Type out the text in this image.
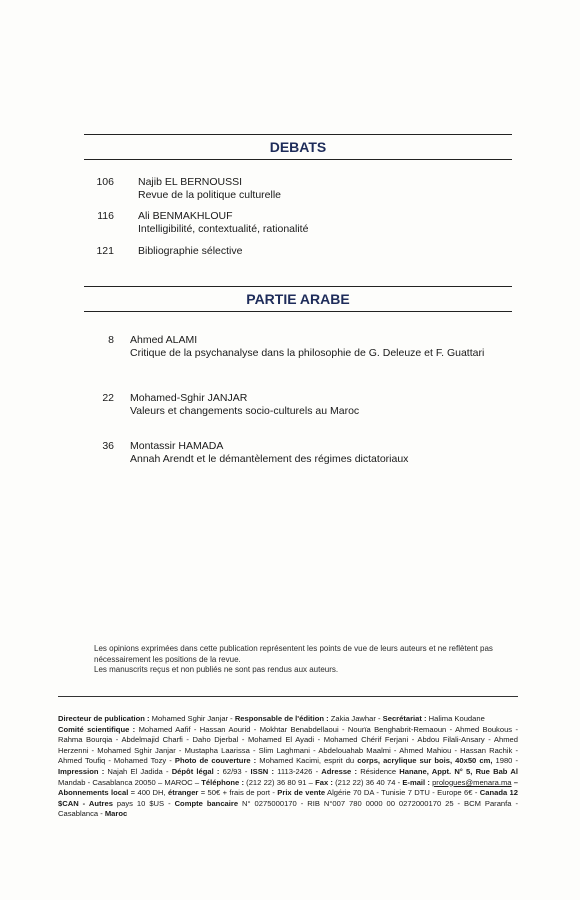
DEBATS
106 Najib EL BERNOUSSI
Revue de la politique culturelle
116 Ali BENMAKHLOUF
Intelligibilité, contextualité, rationalité
121 Bibliographie sélective
PARTIE ARABE
8 Ahmed ALAMI
Critique de la psychanalyse dans la philosophie de G. Deleuze et F. Guattari
22 Mohamed-Sghir JANJAR
Valeurs et changements socio-culturels au Maroc
36 Montassir HAMADA
Annah Arendt et le démantèlement des régimes dictatoriaux

Les opinions exprimées dans cette publication représentent les points de vue de leurs auteurs et ne reflètent pas nécessairement les positions de la revue.

Les manuscrits reçus et non publiés ne sont pas rendus aux auteurs.

Directeur de publication : Mohamed Sghir Janjar - Responsable de l'édition : Zakia Jawhar - Secrétariat : Halima Koudane
Comité scientifique : Mohamed Aafif - Hassan Aourid - Mokhtar Benabdellaoui - Nourïa Benghabrit-Remaoun - Ahmed Boukous - Rahma Bourqia - Abdelmajid Charfi - Daho Djerbal - Mohamed El Ayadi - Mohamed Chérif Ferjani - Abdou Filali-Ansary - Ahmed Herzenni - Mohamed Sghir Janjar - Mustapha Laarissa - Slim Laghmani - Abdelouahab Maalmi - Ahmed Mahiou - Hassan Rachik - Ahmed Toufiq - Mohamed Tozy - Photo de couverture : Mohamed Kacimi, esprit du corps, acrylique sur bois, 40x50 cm, 1980 - Impression : Najah El Jadida - Dépôt légal : 62/93 - ISSN : 1113-2426 - Adresse : Résidence Hanane, Appt. N° 5, Rue Bab Al Mandab - Casablanca 20050 – MAROC – Téléphone : (212 22) 36 80 91 – Fax : (212 22) 36 40 74 - E-mail : prologues@menara.ma – Abonnements local = 400 DH, étranger = 50€ + frais de port - Prix de vente Algérie 70 DA - Tunisie 7 DTU - Europe 6€ - Canada 12 $CAN - Autres pays 10 $US - Compte bancaire N° 0275000170 - RIB N°007 780 0000 00 02720001​70 25 - BCM Paranfa - Casablanca - Maroc
